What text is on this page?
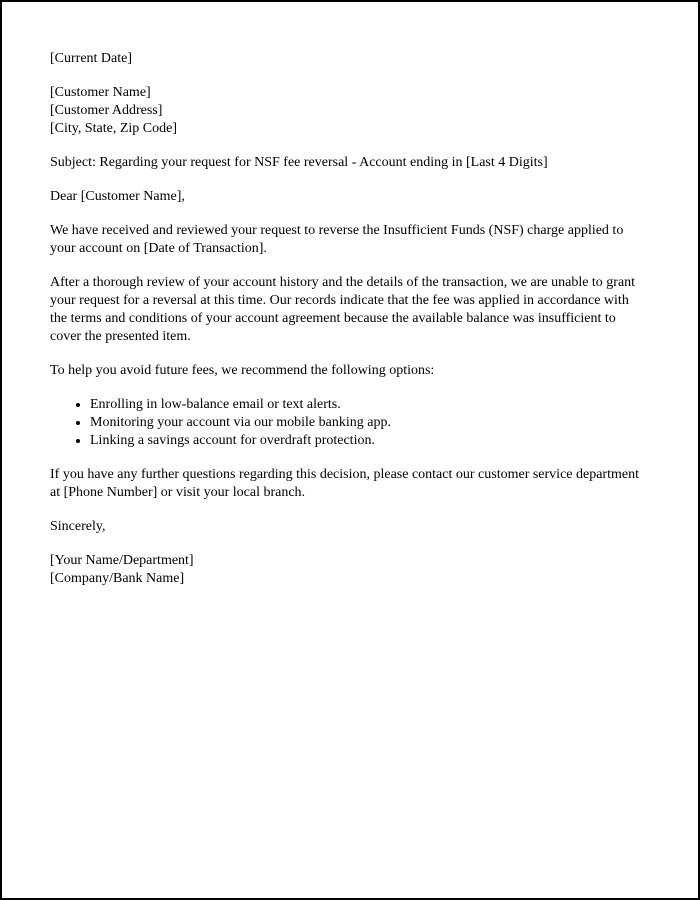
[Current Date]

[Customer Name]

[Customer Address]

[City, State, Zip Code]

Subject: Regarding your request for NSF fee reversal - Account ending in [Last 4 Digits]

Dear [Customer Name],

We have received and reviewed your request to reverse the Insufficient Funds (NSF) charge applied to your account on [Date of Transaction].

After a thorough review of your account history and the details of the transaction, we are unable to grant your request for a reversal at this time. Our records indicate that the fee was applied in accordance with the terms and conditions of your account agreement because the available balance was insufficient to cover the presented item.

To help you avoid future fees, we recommend the following options:

• Enrolling in low-balance email or text alerts.
• Monitoring your account via our mobile banking app.
• Linking a savings account for overdraft protection.

If you have any further questions regarding this decision, please contact our customer service department at [Phone Number] or visit your local branch.

Sincerely,

[Your Name/Department]

[Company/Bank Name]
